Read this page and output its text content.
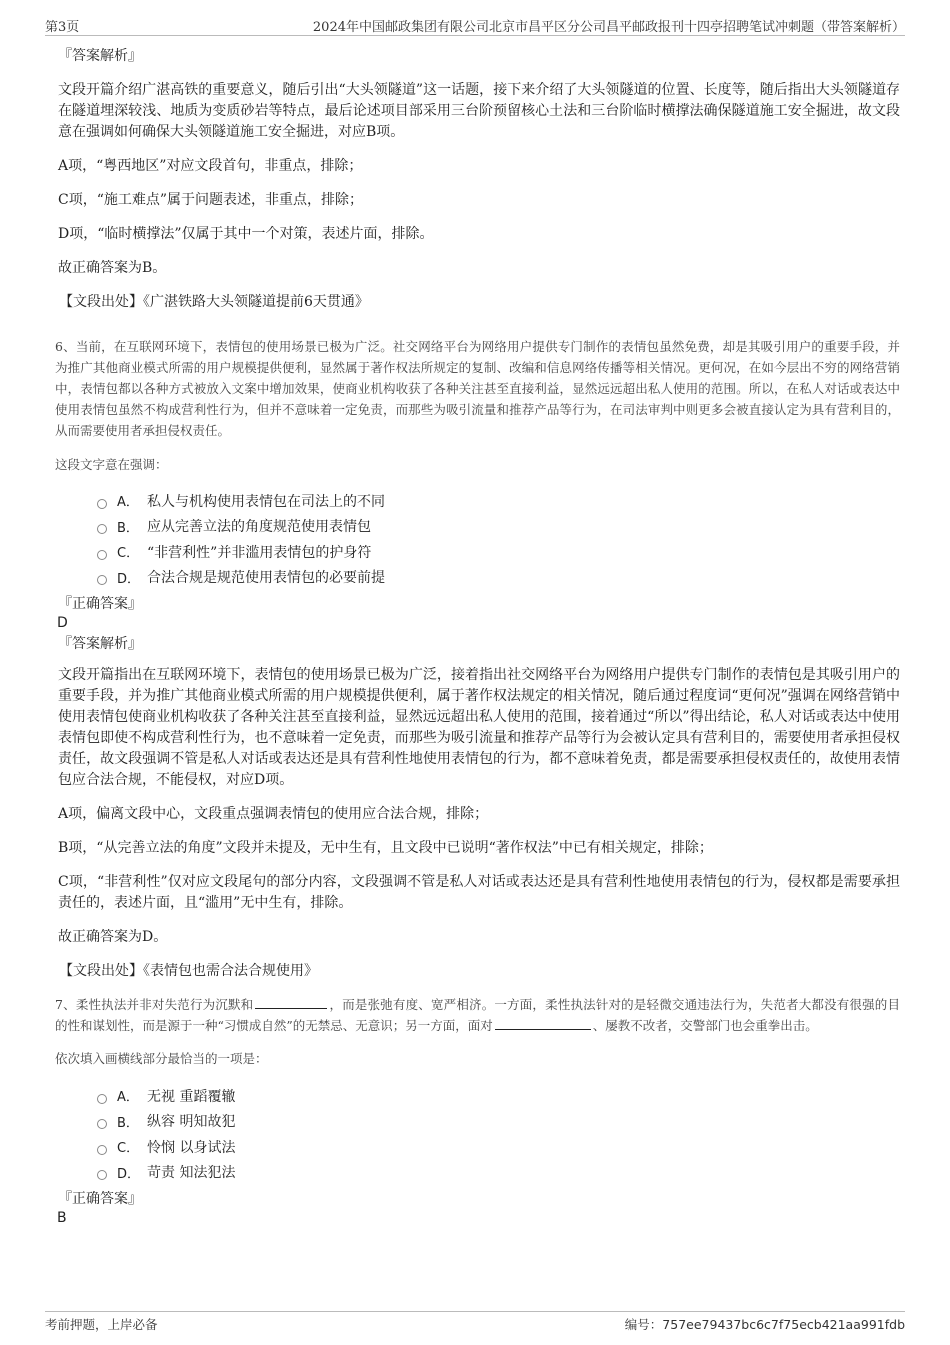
第3页	2024年中国邮政集团有限公司北京市昌平区分公司昌平邮政报刊十四亭招聘笔试冲刺题（带答案解析）
『答案解析』

文段开篇介绍广湛高铁的重要意义，随后引出“大头领隧道”这一话题，接下来介绍了大头领隧道的位置、长度等，随后指出大头领隧道存在隧道埋深较浅、地质为变质砂岩等特点，最后论述项目部采用三台阶预留核心土法和三台阶临时横撑法确保隧道施工安全掘进，故文段意在强调如何确保大头领隧道施工安全掘进，对应B项。

A项，“粤西地区”对应文段首句，非重点，排除；

C项，“施工难点”属于问题表述，非重点，排除；

D项，“临时横撑法”仅属于其中一个对策，表述片面，排除。

故正确答案为B。

【文段出处】《广湛铁路大头领隧道提前6天贯通》

6、当前，在互联网环境下，表情包的使用场景已极为广泛。社交网络平台为网络用户提供专门制作的表情包虽然免费，却是其吸引用户的重要手段，并为推广其他商业模式所需的用户规模提供便利，显然属于著作权法所规定的复制、改编和信息网络传播等相关情况。更何况，在如今层出不穷的网络营销中，表情包都以各种方式被放入文案中增加效果，使商业机构收获了各种关注甚至直接利益，显然远远超出私人使用的范围。所以，在私人对话或表达中使用表情包虽然不构成营利性行为，但并不意味着一定免责，而那些为吸引流量和推荐产品等行为，在司法审判中则更多会被直接认定为具有营利目的，从而需要使用者承担侵权责任。

这段文字意在强调：

A． 私人与机构使用表情包在司法上的不同
B． 应从完善立法的角度规范使用表情包
C． “非营利性”并非滥用表情包的护身符
D． 合法合规是规范使用表情包的必要前提
『正确答案』
D
『答案解析』

文段开篇指出在互联网环境下，表情包的使用场景已极为广泛，接着指出社交网络平台为网络用户提供专门制作的表情包是其吸引用户的重要手段，并为推广其他商业模式所需的用户规模提供便利，属于著作权法规定的相关情况，随后通过程度词“更何况”强调在网络营销中使用表情包使商业机构收获了各种关注甚至直接利益，显然远远超出私人使用的范围，接着通过“所以”得出结论，私人对话或表达中使用表情包即使不构成营利性行为，也不意味着一定免责，而那些为吸引流量和推荐产品等行为会被认定具有营利目的，需要使用者承担侵权责任，故文段强调不管是私人对话或表达还是具有营利性地使用表情包的行为，都不意味着免责，都是需要承担侵权责任的，故使用表情包应合法合规，不能侵权，对应D项。

A项，偏离文段中心，文段重点强调表情包的使用应合法合规，排除；

B项，“从完善立法的角度”文段并未提及，无中生有，且文段中已说明“著作权法”中已有相关规定，排除；

C项，“非营利性”仅对应文段尾句的部分内容，文段强调不管是私人对话或表达还是具有营利性地使用表情包的行为，侵权都是需要承担责任的，表述片面，且“滥用”无中生有，排除。

故正确答案为D。

【文段出处】《表情包也需合法合规使用》

7、柔性执法并非对失范行为沉默和	，而是张弛有度、宽严相济。一方面，柔性执法针对的是轻微交通违法行为，失范者大都没有很强的目的性和谋划性，而是源于一种“习惯成自然”的无禁忌、无意识；另一方面，面对	、屡教不改者，交警部门也会重拳出击。

依次填入画横线部分最恰当的一项是：

A． 无视 重蹈覆辙
B． 纵容 明知故犯
C． 怜悯 以身试法
D． 苛责 知法犯法
『正确答案』
B
考前押题，上岸必备	编号：757ee79437bc6c7f75ecb421aa991fdb
